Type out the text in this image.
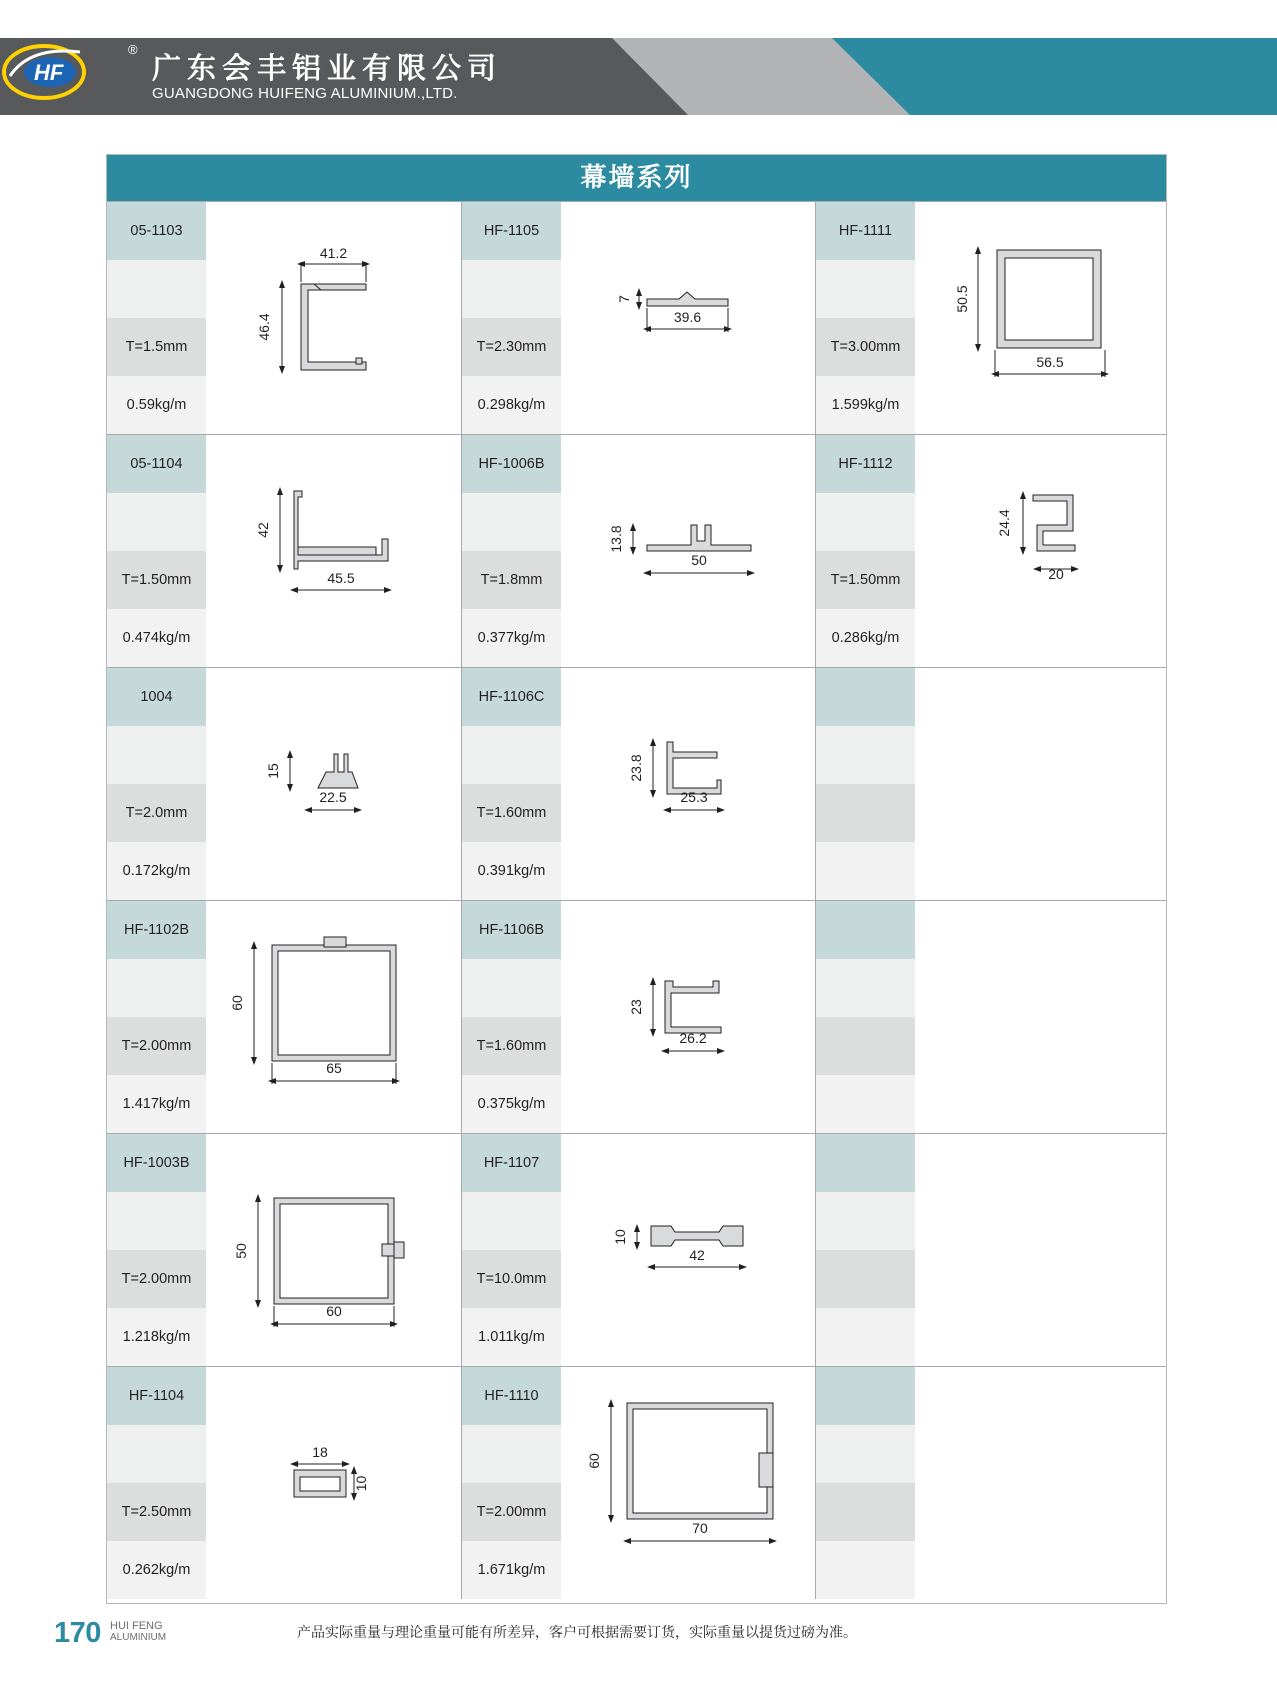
HF
®
广东会丰铝业有限公司
GUANGDONG HUIFENG ALUMINIUM.,LTD.
幕墙系列
05-1103
T=1.5mm
0.59kg/m
46.4
41.2
HF-1105
T=2.30mm
0.298kg/m
7
39.6
HF-1111
T=3.00mm
1.599kg/m
50.5
56.5
05-1104
T=1.50mm
0.474kg/m
42
45.5
HF-1006B
T=1.8mm
0.377kg/m
13.8
50
HF-1112
T=1.50mm
0.286kg/m
24.4
20
1004
T=2.0mm
0.172kg/m
15
22.5
HF-1106C
T=1.60mm
0.391kg/m
23.8
25.3
HF-1102B
T=2.00mm
1.417kg/m
60
65
HF-1106B
T=1.60mm
0.375kg/m
23
26.2
HF-1003B
T=2.00mm
1.218kg/m
50
60
HF-1107
T=10.0mm
1.011kg/m
10
42
HF-1104
T=2.50mm
0.262kg/m
10
18
HF-1110
T=2.00mm
1.671kg/m
60
70
170 HUI FENG
ALUMINIUM	产品实际重量与理论重量可能有所差异，客户可根据需要订货，实际重量以提货过磅为准。
